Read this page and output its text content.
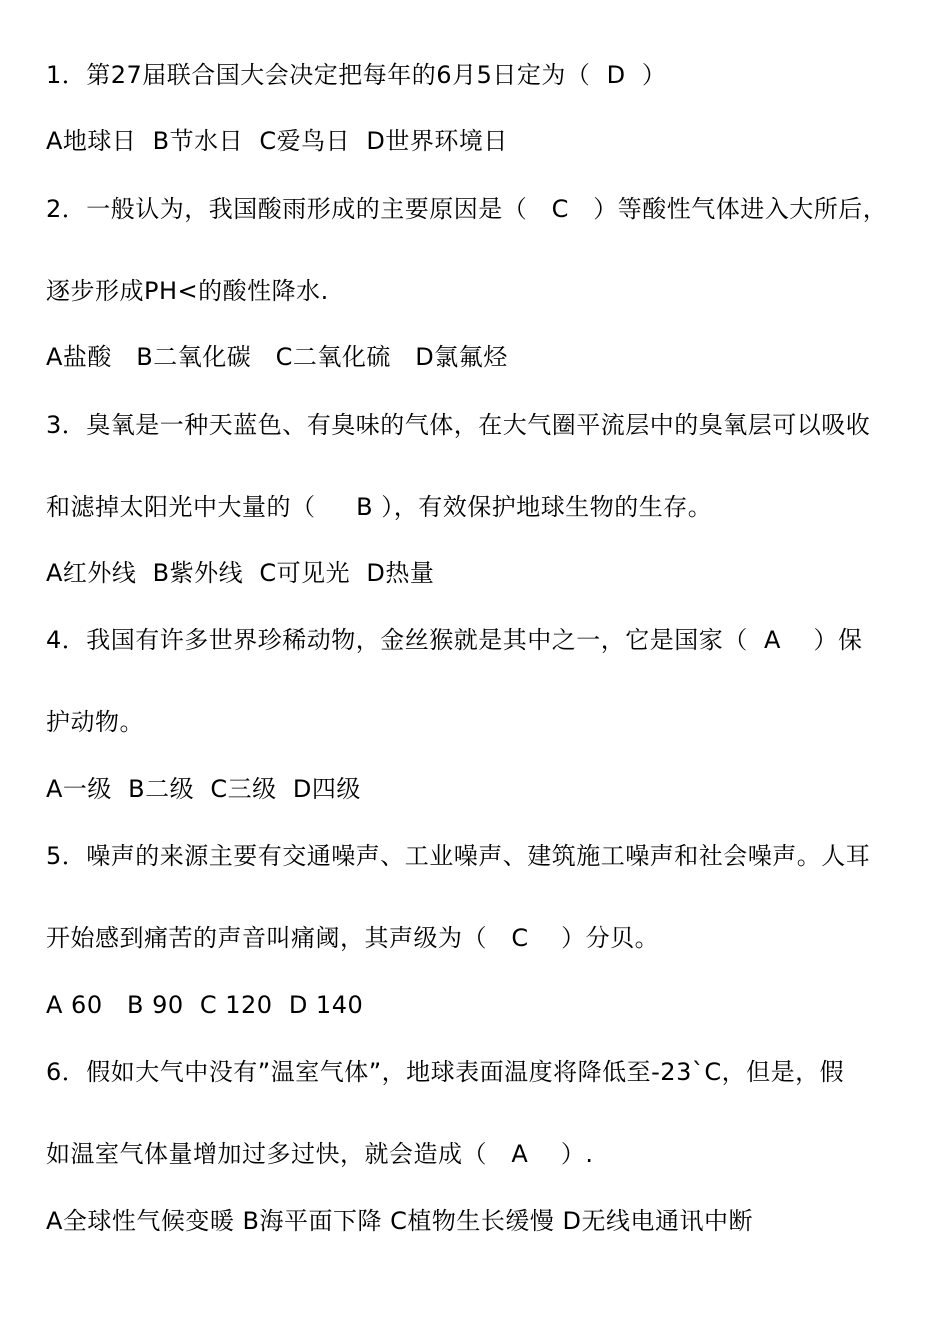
1．第27届联合国大会决定把每年的6月5日定为（  D  ）
A地球日  B节水日  C爱鸟日  D世界环境日
2．一般认为，我国酸雨形成的主要原因是（   C   ）等酸性气体进入大所后，
逐步形成PH<的酸性降水.
A盐酸   B二氧化碳   C二氧化硫   D氯氟烃
3．臭氧是一种天蓝色、有臭味的气体，在大气圈平流层中的臭氧层可以吸收
和滤掉太阳光中大量的（     B ），有效保护地球生物的生存。
A红外线  B紫外线  C可见光  D热量
4．我国有许多世界珍稀动物，金丝猴就是其中之一，它是国家（  A    ）保
护动物。
A一级  B二级  C三级  D四级
5．噪声的来源主要有交通噪声、工业噪声、建筑施工噪声和社会噪声。人耳
开始感到痛苦的声音叫痛阈，其声级为（   C    ）分贝。
A 60   B 90  C 120  D 140
6．假如大气中没有”温室气体”，地球表面温度将降低至-23`C，但是，假
如温室气体量增加过多过快，就会造成（   A    ）.
A全球性气候变暖 B海平面下降 C植物生长缓慢 D无线电通讯中断
